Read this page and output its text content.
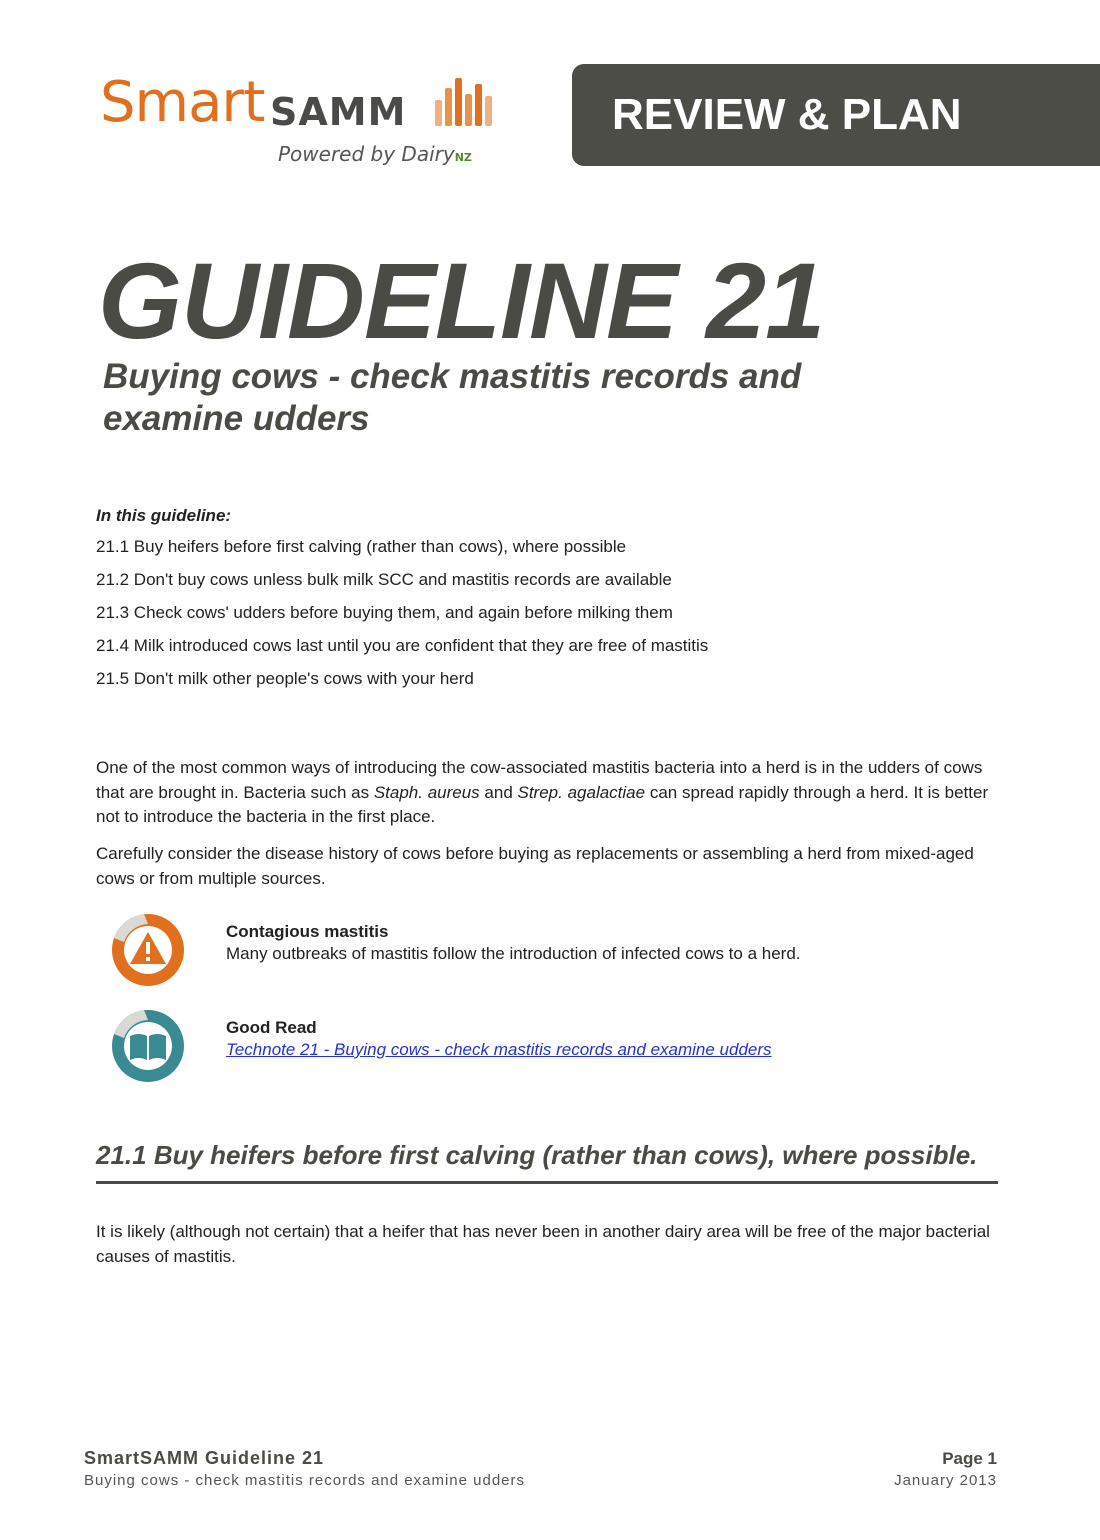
Smart SAMM
Powered by DairyNZ
REVIEW & PLAN
GUIDELINE 21
Buying cows - check mastitis records and examine udders
In this guideline:
21.1 Buy heifers before first calving (rather than cows), where possible
21.2 Don't buy cows unless bulk milk SCC and mastitis records are available
21.3 Check cows' udders before buying them, and again before milking them
21.4 Milk introduced cows last until you are confident that they are free of mastitis
21.5 Don't milk other people's cows with your herd
One of the most common ways of introducing the cow-associated mastitis bacteria into a herd is in the udders of cows that are brought in. Bacteria such as Staph. aureus and Strep. agalactiae can spread rapidly through a herd. It is better not to introduce the bacteria in the first place.
Carefully consider the disease history of cows before buying as replacements or assembling a herd from mixed-aged cows or from multiple sources.
Contagious mastitis
Many outbreaks of mastitis follow the introduction of infected cows to a herd.
Good Read
Technote 21 - Buying cows - check mastitis records and examine udders
21.1 Buy heifers before first calving (rather than cows), where possible.
It is likely (although not certain) that a heifer that has never been in another dairy area will be free of the major bacterial causes of mastitis.
SmartSAMM Guideline 21
Buying cows - check mastitis records and examine udders
Page 1
January 2013
